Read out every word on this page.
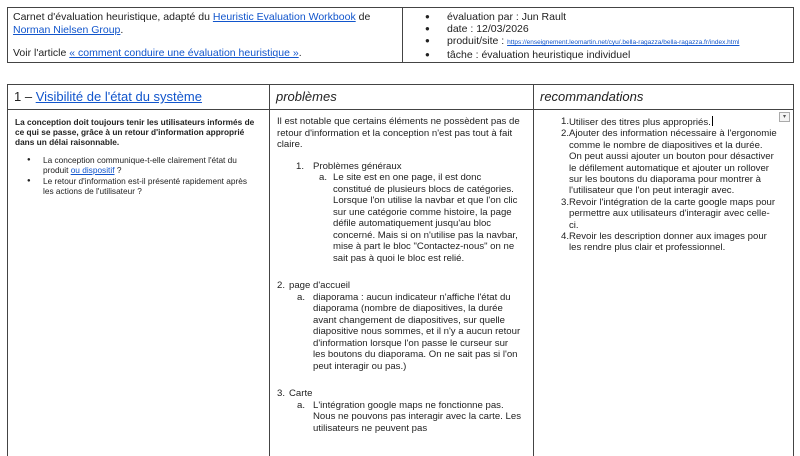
Carnet d'évaluation heuristique, adapté du Heuristic Evaluation Workbook de
Norman Nielsen Group.

Voir l'article « comment conduire une évaluation heuristique ».

● évaluation par : Jun Rault
● date : 12/03/2026
● produit/site : https://enseignement.leomartin.net/cyu/.bella-ragazza/bella-ragazza.fr/index.html
● tâche : évaluation heuristique individuel
1 – Visibilité de l'état du système

La conception doit toujours tenir les utilisateurs informés de ce qui se passe, grâce à un retour d'information approprié dans un délai raisonnable.

● La conception communique-t-elle clairement l'état du produit ou dispositif ?
● Le retour d'information est-il présenté rapidement après les actions de l'utilisateur ?
problèmes

Il est notable que certains éléments ne possèdent pas de retour d'information et la conception n'est pas tout à fait claire.

1. Problèmes généraux
a. Le site est en one page, il est donc constitué de plusieurs blocs de catégories. Lorsque l'on utilise la navbar et que l'on clic sur une catégorie comme histoire, la page défile automatiquement jusqu'au bloc concerné. Mais si on n'utilise pas la navbar, mise à part le bloc "Contactez-nous" on ne sait pas à quoi le bloc est relié.
2. page d'accueil
a. diaporama : aucun indicateur n'affiche l'état du diaporama (nombre de diapositives, la durée avant changement de diapositives, sur quelle diapositive nous sommes, et il n'y a aucun retour d'information lorsque l'on passe le curseur sur les boutons du diaporama. On ne sait pas si l'on peut interagir ou pas.)
3. Carte
a. L'intégration google maps ne fonctionne pas. Nous ne pouvons pas interagir avec la carte. Les utilisateurs ne peuvent pas
recommandations
▾
1. Utiliser des titres plus appropriés.
2. Ajouter des information nécessaire à l'ergonomie comme le nombre de diapositives et la durée. On peut aussi ajouter un bouton pour désactiver le défilement automatique et ajouter un rollover sur les boutons du diaporama pour montrer à l'utilisateur que l'on peut interagir avec.
3. Revoir l'intégration de la carte google maps pour permettre aux utilisateurs d'interagir avec celle-ci.
4. Revoir les description donner aux images pour les rendre plus clair et professionnel.
